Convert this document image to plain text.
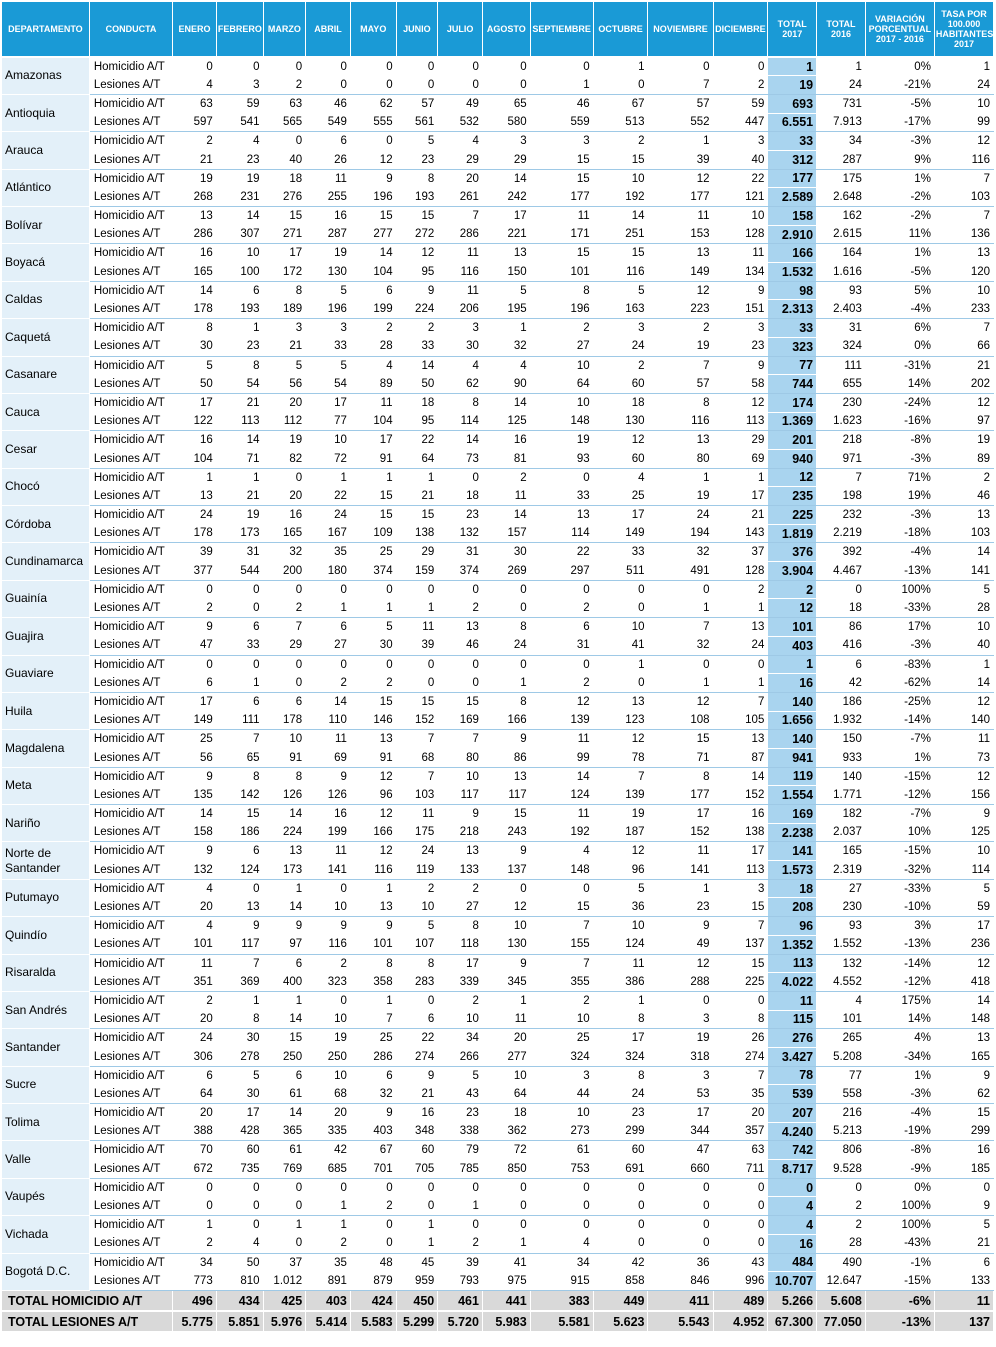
DEPARTAMENTO	CONDUCTA	ENERO	FEBRERO	MARZO	ABRIL	MAYO	JUNIO	JULIO	AGOSTO	SEPTIEMBRE	OCTUBRE	NOVIEMBRE	DICIEMBRE	TOTAL 2017	TOTAL 2016	VARIACIÓN PORCENTUAL 2017 - 2016	TASA POR 100.000 HABITANTES 2017
Amazonas	Homicidio A/T	0	0	0	0	0	0	0	0	0	1	0	0	1	1	0%	1
	Lesiones A/T	4	3	2	0	0	0	0	0	1	0	7	2	19	24	-21%	24
Antioquia	Homicidio A/T	63	59	63	46	62	57	49	65	46	67	57	59	693	731	-5%	10
	Lesiones A/T	597	541	565	549	555	561	532	580	559	513	552	447	6.551	7.913	-17%	99
Arauca	Homicidio A/T	2	4	0	6	0	5	4	3	3	2	1	3	33	34	-3%	12
	Lesiones A/T	21	23	40	26	12	23	29	29	15	15	39	40	312	287	9%	116
Atlántico	Homicidio A/T	19	19	18	11	9	8	20	14	15	10	12	22	177	175	1%	7
	Lesiones A/T	268	231	276	255	196	193	261	242	177	192	177	121	2.589	2.648	-2%	103
Bolívar	Homicidio A/T	13	14	15	16	15	15	7	17	11	14	11	10	158	162	-2%	7
	Lesiones A/T	286	307	271	287	277	272	286	221	171	251	153	128	2.910	2.615	11%	136
Boyacá	Homicidio A/T	16	10	17	19	14	12	11	13	15	15	13	11	166	164	1%	13
	Lesiones A/T	165	100	172	130	104	95	116	150	101	116	149	134	1.532	1.616	-5%	120
Caldas	Homicidio A/T	14	6	8	5	6	9	11	5	8	5	12	9	98	93	5%	10
	Lesiones A/T	178	193	189	196	199	224	206	195	196	163	223	151	2.313	2.403	-4%	233
Caquetá	Homicidio A/T	8	1	3	3	2	2	3	1	2	3	2	3	33	31	6%	7
	Lesiones A/T	30	23	21	33	28	33	30	32	27	24	19	23	323	324	0%	66
Casanare	Homicidio A/T	5	8	5	5	4	14	4	4	10	2	7	9	77	111	-31%	21
	Lesiones A/T	50	54	56	54	89	50	62	90	64	60	57	58	744	655	14%	202
Cauca	Homicidio A/T	17	21	20	17	11	18	8	14	10	18	8	12	174	230	-24%	12
	Lesiones A/T	122	113	112	77	104	95	114	125	148	130	116	113	1.369	1.623	-16%	97
Cesar	Homicidio A/T	16	14	19	10	17	22	14	16	19	12	13	29	201	218	-8%	19
	Lesiones A/T	104	71	82	72	91	64	73	81	93	60	80	69	940	971	-3%	89
Chocó	Homicidio A/T	1	1	0	1	1	1	0	2	0	4	1	1	12	7	71%	2
	Lesiones A/T	13	21	20	22	15	21	18	11	33	25	19	17	235	198	19%	46
Córdoba	Homicidio A/T	24	19	16	24	15	15	23	14	13	17	24	21	225	232	-3%	13
	Lesiones A/T	178	173	165	167	109	138	132	157	114	149	194	143	1.819	2.219	-18%	103
Cundinamarca	Homicidio A/T	39	31	32	35	25	29	31	30	22	33	32	37	376	392	-4%	14
	Lesiones A/T	377	544	200	180	374	159	374	269	297	511	491	128	3.904	4.467	-13%	141
Guainía	Homicidio A/T	0	0	0	0	0	0	0	0	0	0	0	2	2	0	100%	5
	Lesiones A/T	2	0	2	1	1	1	2	0	2	0	1	1	12	18	-33%	28
Guajira	Homicidio A/T	9	6	7	6	5	11	13	8	6	10	7	13	101	86	17%	10
	Lesiones A/T	47	33	29	27	30	39	46	24	31	41	32	24	403	416	-3%	40
Guaviare	Homicidio A/T	0	0	0	0	0	0	0	0	0	1	0	0	1	6	-83%	1
	Lesiones A/T	6	1	0	2	2	0	0	1	2	0	1	1	16	42	-62%	14
Huila	Homicidio A/T	17	6	6	14	15	15	15	8	12	13	12	7	140	186	-25%	12
	Lesiones A/T	149	111	178	110	146	152	169	166	139	123	108	105	1.656	1.932	-14%	140
Magdalena	Homicidio A/T	25	7	10	11	13	7	7	9	11	12	15	13	140	150	-7%	11
	Lesiones A/T	56	65	91	69	91	68	80	86	99	78	71	87	941	933	1%	73
Meta	Homicidio A/T	9	8	8	9	12	7	10	13	14	7	8	14	119	140	-15%	12
	Lesiones A/T	135	142	126	126	96	103	117	117	124	139	177	152	1.554	1.771	-12%	156
Nariño	Homicidio A/T	14	15	14	16	12	11	9	15	11	19	17	16	169	182	-7%	9
	Lesiones A/T	158	186	224	199	166	175	218	243	192	187	152	138	2.238	2.037	10%	125
Norte de Santander	Homicidio A/T	9	6	13	11	12	24	13	9	4	12	11	17	141	165	-15%	10
	Lesiones A/T	132	124	173	141	116	119	133	137	148	96	141	113	1.573	2.319	-32%	114
Putumayo	Homicidio A/T	4	0	1	0	1	2	2	0	0	5	1	3	18	27	-33%	5
	Lesiones A/T	20	13	14	10	13	10	27	12	15	36	23	15	208	230	-10%	59
Quindío	Homicidio A/T	4	9	9	9	9	5	8	10	7	10	9	7	96	93	3%	17
	Lesiones A/T	101	117	97	116	101	107	118	130	155	124	49	137	1.352	1.552	-13%	236
Risaralda	Homicidio A/T	11	7	6	2	8	8	17	9	7	11	12	15	113	132	-14%	12
	Lesiones A/T	351	369	400	323	358	283	339	345	355	386	288	225	4.022	4.552	-12%	418
San Andrés	Homicidio A/T	2	1	1	0	1	0	2	1	2	1	0	0	11	4	175%	14
	Lesiones A/T	20	8	14	10	7	6	10	11	10	8	3	8	115	101	14%	148
Santander	Homicidio A/T	24	30	15	19	25	22	34	20	25	17	19	26	276	265	4%	13
	Lesiones A/T	306	278	250	250	286	274	266	277	324	324	318	274	3.427	5.208	-34%	165
Sucre	Homicidio A/T	6	5	6	10	6	9	5	10	3	8	3	7	78	77	1%	9
	Lesiones A/T	64	30	61	68	32	21	43	64	44	24	53	35	539	558	-3%	62
Tolima	Homicidio A/T	20	17	14	20	9	16	23	18	10	23	17	20	207	216	-4%	15
	Lesiones A/T	388	428	365	335	403	348	338	362	273	299	344	357	4.240	5.213	-19%	299
Valle	Homicidio A/T	70	60	61	42	67	60	79	72	61	60	47	63	742	806	-8%	16
	Lesiones A/T	672	735	769	685	701	705	785	850	753	691	660	711	8.717	9.528	-9%	185
Vaupés	Homicidio A/T	0	0	0	0	0	0	0	0	0	0	0	0	0	0	0%	0
	Lesiones A/T	0	0	0	1	2	0	1	0	0	0	0	0	4	2	100%	9
Vichada	Homicidio A/T	1	0	1	1	0	1	0	0	0	0	0	0	4	2	100%	5
	Lesiones A/T	2	4	0	2	0	1	2	1	4	0	0	0	16	28	-43%	21
Bogotá D.C.	Homicidio A/T	34	50	37	35	48	45	39	41	34	42	36	43	484	490	-1%	6
	Lesiones A/T	773	810	1.012	891	879	959	793	975	915	858	846	996	10.707	12.647	-15%	133
TOTAL HOMICIDIO A/T		496	434	425	403	424	450	461	441	383	449	411	489	5.266	5.608	-6%	11
TOTAL LESIONES A/T		5.775	5.851	5.976	5.414	5.583	5.299	5.720	5.983	5.581	5.623	5.543	4.952	67.300	77.050	-13%	137
